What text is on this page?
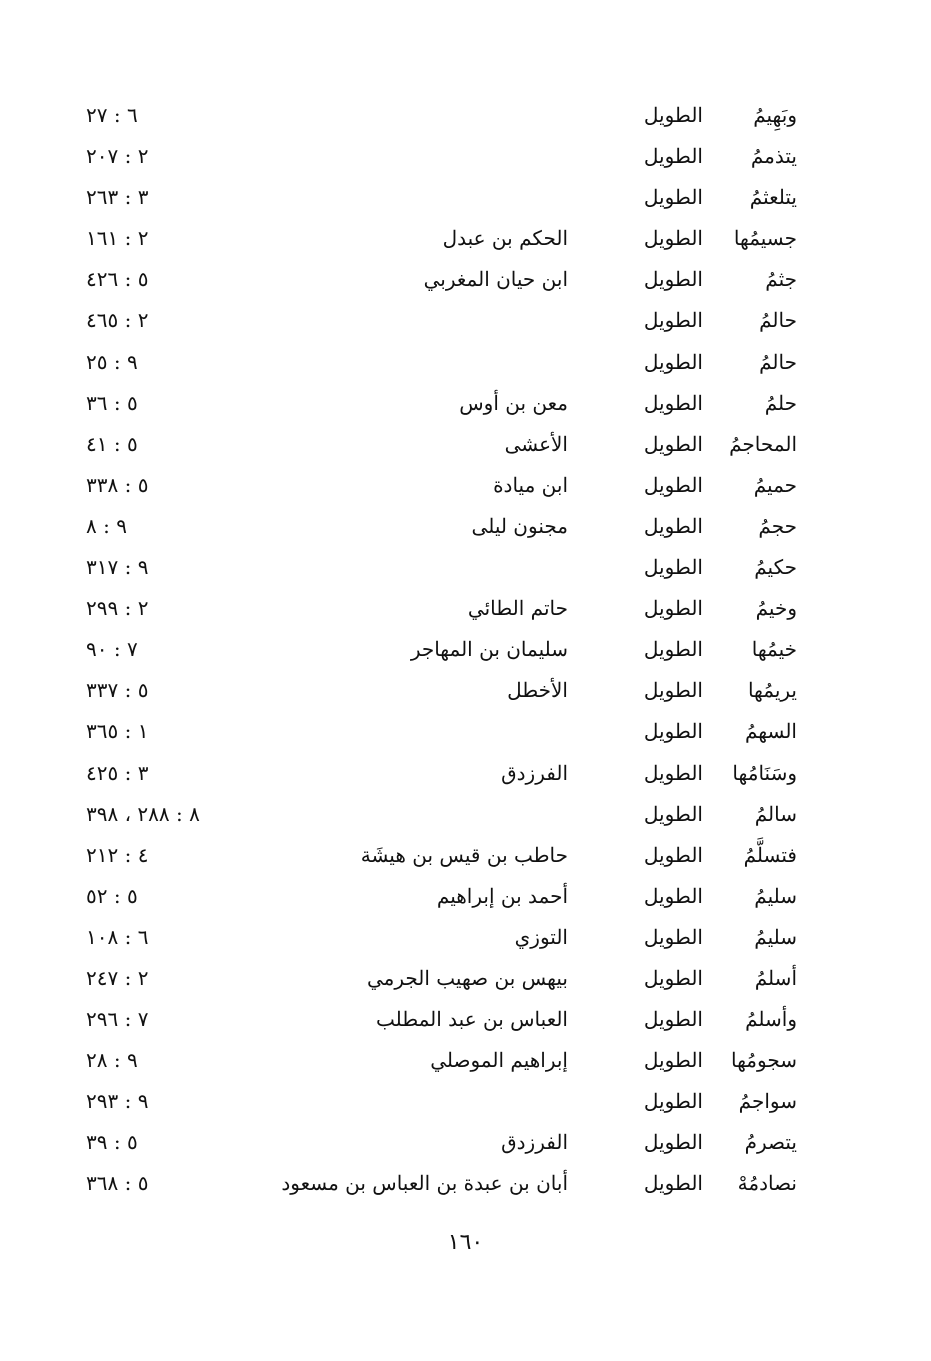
وبَهِيمُ
الطويل
٦ : ٢٧
يتذممُ
الطويل
٢ : ٢٠٧
يتلعثمُ
الطويل
٣ : ٢٦٣
جسيمُها
الطويل
الحكم بن عبدل
٢ : ١٦١
جثمُ
الطويل
ابن حيان المغربي
٥ : ٤٢٦
حالمُ
الطويل
٢ : ٤٦٥
حالمُ
الطويل
٩ : ٢٥
حلمُ
الطويل
معن بن أوس
٥ : ٣٦
المحاجمُ
الطويل
الأعشى
٥ : ٤١
حميمُ
الطويل
ابن ميادة
٥ : ٣٣٨
حجمُ
الطويل
مجنون ليلى
٩ : ٨
حكيمُ
الطويل
٩ : ٣١٧
وخيمُ
الطويل
حاتم الطائي
٢ : ٢٩٩
خيمُها
الطويل
سليمان بن المهاجر
٧ : ٩٠
يريمُها
الطويل
الأخطل
٥ : ٣٣٧
السهمُ
الطويل
١ : ٣٦٥
وسَنَامُها
الطويل
الفرزدق
٣ : ٤٢٥
سالمُ
الطويل
٨ : ٢٨٨ ، ٣٩٨
فتسلَّمُ
الطويل
حاطب بن قيس بن هيشَة
٤ : ٢١٢
سليمُ
الطويل
أحمد بن إبراهيم
٥ : ٥٢
سليمُ
الطويل
التوزي
٦ : ١٠٨
أسلمُ
الطويل
بيهس بن صهيب الجرمي
٢ : ٢٤٧
وأسلمُ
الطويل
العباس بن عبد المطلب
٧ : ٢٩٦
سجومُها
الطويل
إبراهيم الموصلي
٩ : ٢٨
سواجمُ
الطويل
٩ : ٢٩٣
يتصرمُ
الطويل
الفرزدق
٥ : ٣٩
نصادمُهْ
الطويل
أبان بن عبدة بن العباس بن مسعود
٥ : ٣٦٨
١٦٠
